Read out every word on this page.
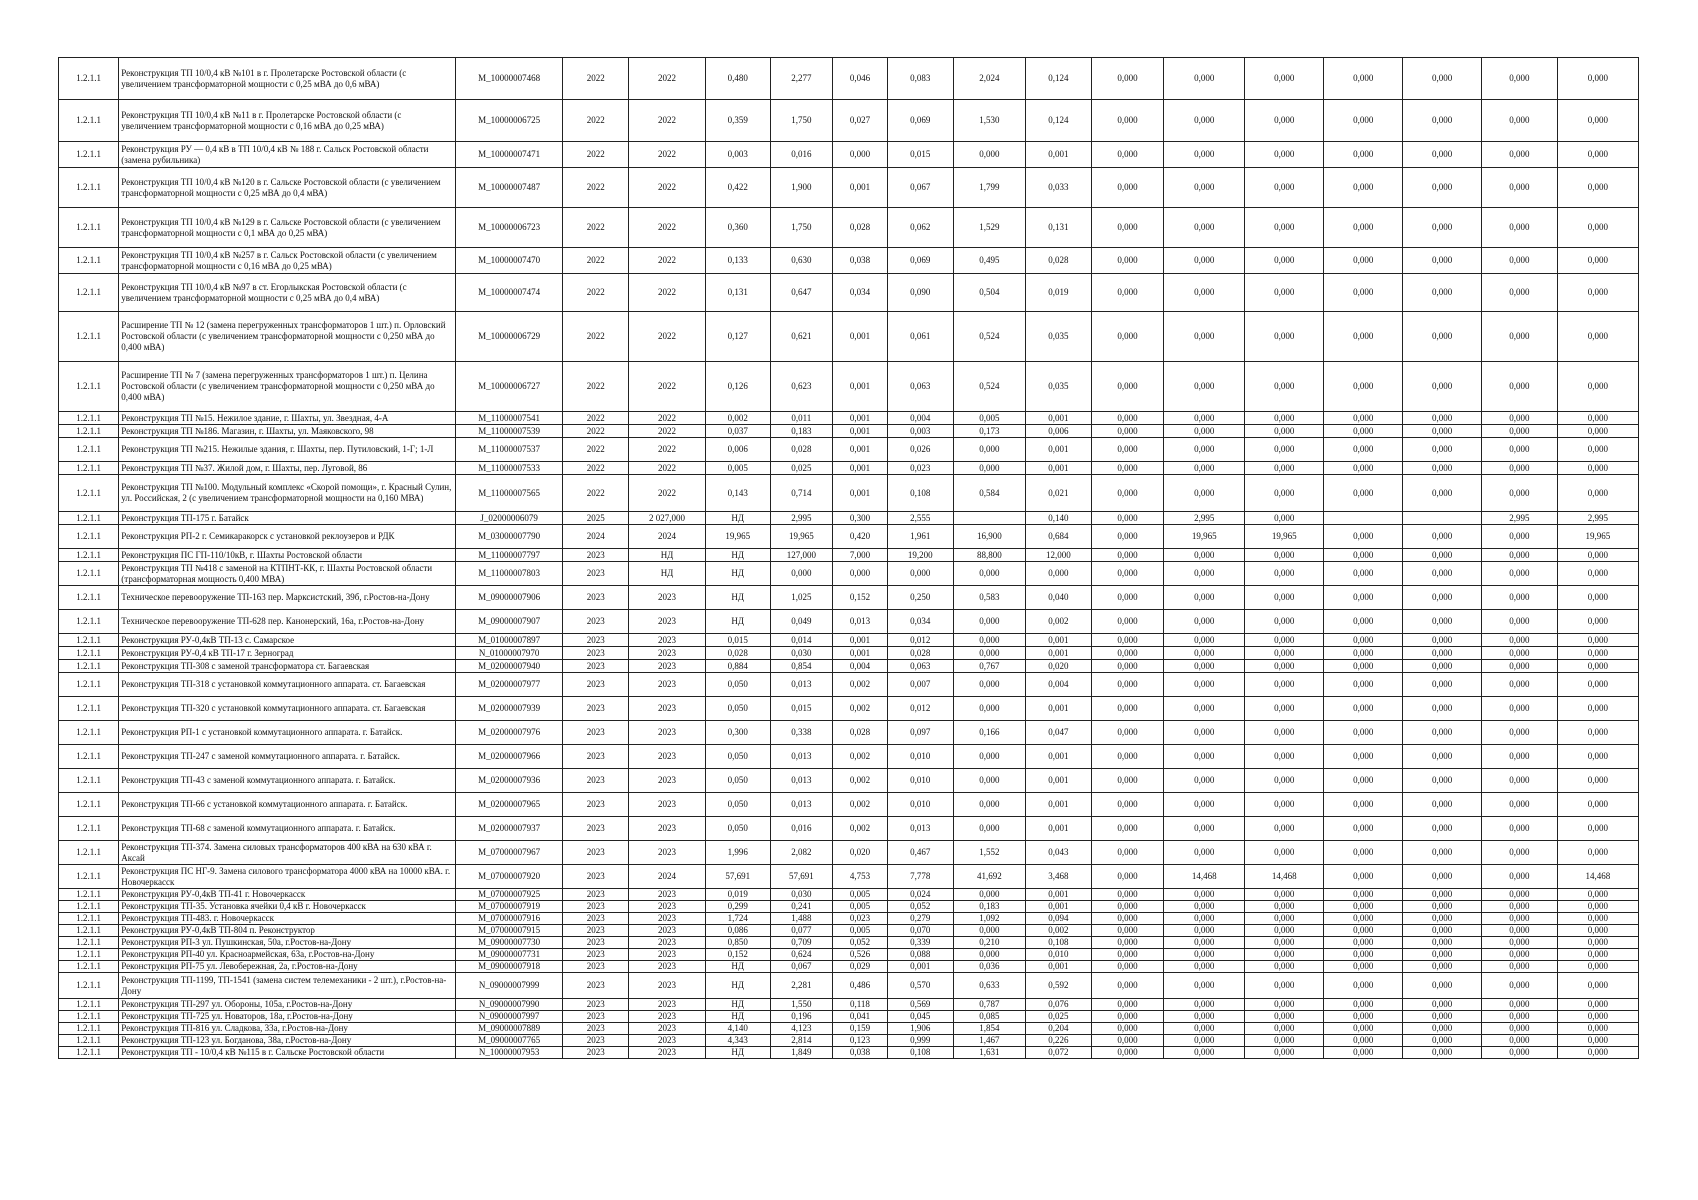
1.2.1.1	Реконструкция ТП 10/0,4 кВ №101 в г. Пролетарске Ростовской области (с увеличением трансформаторной мощности с 0,25 мВА до 0,6 мВА)	M_10000007468	2022	2022	0,480	2,277	0,046	0,083	2,024	0,124	0,000	0,000	0,000	0,000	0,000	0,000	0,000
1.2.1.1	Реконструкция ТП 10/0,4 кВ №11 в г. Пролетарске Ростовской области (с увеличением трансформаторной мощности с 0,16 мВА до 0,25 мВА)	M_10000006725	2022	2022	0,359	1,750	0,027	0,069	1,530	0,124	0,000	0,000	0,000	0,000	0,000	0,000	0,000
1.2.1.1	Реконструкция РУ — 0,4 кВ в ТП 10/0,4 кВ № 188 г. Сальск Ростовской области (замена рубильника)	M_10000007471	2022	2022	0,003	0,016	0,000	0,015	0,000	0,001	0,000	0,000	0,000	0,000	0,000	0,000	0,000
1.2.1.1	Реконструкция ТП 10/0,4 кВ №120 в г. Сальске Ростовской области (с увеличением трансформаторной мощности с 0,25 мВА до 0,4 мВА)	M_10000007487	2022	2022	0,422	1,900	0,001	0,067	1,799	0,033	0,000	0,000	0,000	0,000	0,000	0,000	0,000
1.2.1.1	Реконструкция ТП 10/0,4 кВ №129 в г. Сальске Ростовской области (с увеличением трансформаторной мощности с 0,1 мВА до 0,25 мВА)	M_10000006723	2022	2022	0,360	1,750	0,028	0,062	1,529	0,131	0,000	0,000	0,000	0,000	0,000	0,000	0,000
1.2.1.1	Реконструкция ТП 10/0,4 кВ №257 в г. Сальск Ростовской области (с увеличением трансформаторной мощности с 0,16 мВА до 0,25 мВА)	M_10000007470	2022	2022	0,133	0,630	0,038	0,069	0,495	0,028	0,000	0,000	0,000	0,000	0,000	0,000	0,000
1.2.1.1	Реконструкция ТП 10/0,4 кВ №97 в ст. Егорлыкская Ростовской области (с увеличением трансформаторной мощности с 0,25 мВА до 0,4 мВА)	M_10000007474	2022	2022	0,131	0,647	0,034	0,090	0,504	0,019	0,000	0,000	0,000	0,000	0,000	0,000	0,000
1.2.1.1	Расширение ТП № 12 (замена перегруженных трансформаторов 1 шт.) п. Орловский Ростовской области (с увеличением трансформаторной мощности с 0,250 мВА до 0,400 мВА)	M_10000006729	2022	2022	0,127	0,621	0,001	0,061	0,524	0,035	0,000	0,000	0,000	0,000	0,000	0,000	0,000
1.2.1.1	Расширение ТП № 7 (замена перегруженных трансформаторов 1 шт.) п. Целина Ростовской области (с увеличением трансформаторной мощности с 0,250 мВА до 0,400 мВА)	M_10000006727	2022	2022	0,126	0,623	0,001	0,063	0,524	0,035	0,000	0,000	0,000	0,000	0,000	0,000	0,000
1.2.1.1	Реконструкция ТП №15. Нежилое здание, г. Шахты, ул. Звездная, 4-А	M_11000007541	2022	2022	0,002	0,011	0,001	0,004	0,005	0,001	0,000	0,000	0,000	0,000	0,000	0,000	0,000
1.2.1.1	Реконструкция ТП №186. Магазин, г. Шахты, ул. Маяковского, 98	M_11000007539	2022	2022	0,037	0,183	0,001	0,003	0,173	0,006	0,000	0,000	0,000	0,000	0,000	0,000	0,000
1.2.1.1	Реконструкция ТП №215. Нежилые здания, г. Шахты, пер. Путиловский, 1-Г; 1-Л	M_11000007537	2022	2022	0,006	0,028	0,001	0,026	0,000	0,001	0,000	0,000	0,000	0,000	0,000	0,000	0,000
1.2.1.1	Реконструкция ТП №37. Жилой дом, г. Шахты, пер. Луговой, 86	M_11000007533	2022	2022	0,005	0,025	0,001	0,023	0,000	0,001	0,000	0,000	0,000	0,000	0,000	0,000	0,000
1.2.1.1	Реконструкция ТП №100. Модульный комплекс «Скорой помощи», г. Красный Сулин, ул. Российская, 2 (с увеличением трансформаторной мощности на 0,160 МВА)	M_11000007565	2022	2022	0,143	0,714	0,001	0,108	0,584	0,021	0,000	0,000	0,000	0,000	0,000	0,000	0,000
1.2.1.1	Реконструкция ТП-175 г. Батайск	J_02000006079	2025	2 027,000	НД	2,995	0,300	2,555		0,140	0,000	2,995	0,000			2,995	2,995
1.2.1.1	Реконструкция РП-2 г. Семикаракорск с установкой реклоузеров и РДК	M_03000007790	2024	2024	19,965	19,965	0,420	1,961	16,900	0,684	0,000	19,965	19,965	0,000	0,000	0,000	19,965
1.2.1.1	Реконструкция ПС ГП-110/10кВ, г. Шахты Ростовской области	M_11000007797	2023	НД	НД	127,000	7,000	19,200	88,800	12,000	0,000	0,000	0,000	0,000	0,000	0,000	0,000
1.2.1.1	Реконструкция ТП №418 с заменой на КТПНТ-КК, г. Шахты Ростовской области (трансформаторная мощность 0,400 МВА)	M_11000007803	2023	НД	НД	0,000	0,000	0,000	0,000	0,000	0,000	0,000	0,000	0,000	0,000	0,000	0,000
1.2.1.1	Техническое перевооружение ТП-163 пер. Марксистский, 39б, г.Ростов-на-Дону	M_09000007906	2023	2023	НД	1,025	0,152	0,250	0,583	0,040	0,000	0,000	0,000	0,000	0,000	0,000	0,000
1.2.1.1	Техническое перевооружение ТП-628 пер. Канонерский, 16а, г.Ростов-на-Дону	M_09000007907	2023	2023	НД	0,049	0,013	0,034	0,000	0,002	0,000	0,000	0,000	0,000	0,000	0,000	0,000
1.2.1.1	Реконструкция РУ-0,4кВ ТП-13 с. Самарское	M_01000007897	2023	2023	0,015	0,014	0,001	0,012	0,000	0,001	0,000	0,000	0,000	0,000	0,000	0,000	0,000
1.2.1.1	Реконструкция РУ-0,4 кВ ТП-17 г. Зерноград	N_01000007970	2023	2023	0,028	0,030	0,001	0,028	0,000	0,001	0,000	0,000	0,000	0,000	0,000	0,000	0,000
1.2.1.1	Реконструкция ТП-308 с заменой трансформатора ст. Багаевская	M_02000007940	2023	2023	0,884	0,854	0,004	0,063	0,767	0,020	0,000	0,000	0,000	0,000	0,000	0,000	0,000
1.2.1.1	Реконструкция ТП-318 с установкой коммутационного аппарата. ст. Багаевская	M_02000007977	2023	2023	0,050	0,013	0,002	0,007	0,000	0,004	0,000	0,000	0,000	0,000	0,000	0,000	0,000
1.2.1.1	Реконструкция ТП-320 с установкой коммутационного аппарата. ст. Багаевская	M_02000007939	2023	2023	0,050	0,015	0,002	0,012	0,000	0,001	0,000	0,000	0,000	0,000	0,000	0,000	0,000
1.2.1.1	Реконструкция РП-1 с установкой коммутационного аппарата. г. Батайск.	M_02000007976	2023	2023	0,300	0,338	0,028	0,097	0,166	0,047	0,000	0,000	0,000	0,000	0,000	0,000	0,000
1.2.1.1	Реконструкция ТП-247 с заменой коммутационного аппарата. г. Батайск.	M_02000007966	2023	2023	0,050	0,013	0,002	0,010	0,000	0,001	0,000	0,000	0,000	0,000	0,000	0,000	0,000
1.2.1.1	Реконструкция ТП-43 с заменой коммутационного аппарата. г. Батайск.	M_02000007936	2023	2023	0,050	0,013	0,002	0,010	0,000	0,001	0,000	0,000	0,000	0,000	0,000	0,000	0,000
1.2.1.1	Реконструкция ТП-66 с установкой коммутационного аппарата. г. Батайск.	M_02000007965	2023	2023	0,050	0,013	0,002	0,010	0,000	0,001	0,000	0,000	0,000	0,000	0,000	0,000	0,000
1.2.1.1	Реконструкция ТП-68 с заменой коммутационного аппарата. г. Батайск.	M_02000007937	2023	2023	0,050	0,016	0,002	0,013	0,000	0,001	0,000	0,000	0,000	0,000	0,000	0,000	0,000
1.2.1.1	Реконструкция ТП-374. Замена силовых трансформаторов 400 кВА на 630 кВА г. Аксай	M_07000007967	2023	2023	1,996	2,082	0,020	0,467	1,552	0,043	0,000	0,000	0,000	0,000	0,000	0,000	0,000
1.2.1.1	Реконструкция ПС НГ-9. Замена силового трансформатора 4000 кВА на 10000 кВА. г. Новочеркасск	M_07000007920	2023	2024	57,691	57,691	4,753	7,778	41,692	3,468	0,000	14,468	14,468	0,000	0,000	0,000	14,468
1.2.1.1	Реконструкция РУ-0,4кВ ТП-41 г. Новочеркасск	M_07000007925	2023	2023	0,019	0,030	0,005	0,024	0,000	0,001	0,000	0,000	0,000	0,000	0,000	0,000	0,000
1.2.1.1	Реконструкция ТП-35. Установка ячейки 0,4 кВ г. Новочеркасск	M_07000007919	2023	2023	0,299	0,241	0,005	0,052	0,183	0,001	0,000	0,000	0,000	0,000	0,000	0,000	0,000
1.2.1.1	Реконструкция ТП-483. г. Новочеркасск	M_07000007916	2023	2023	1,724	1,488	0,023	0,279	1,092	0,094	0,000	0,000	0,000	0,000	0,000	0,000	0,000
1.2.1.1	Реконструкция РУ-0,4кВ ТП-804 п. Реконструктор	M_07000007915	2023	2023	0,086	0,077	0,005	0,070	0,000	0,002	0,000	0,000	0,000	0,000	0,000	0,000	0,000
1.2.1.1	Реконструкция РП-3 ул. Пушкинская, 50а, г.Ростов-на-Дону	M_09000007730	2023	2023	0,850	0,709	0,052	0,339	0,210	0,108	0,000	0,000	0,000	0,000	0,000	0,000	0,000
1.2.1.1	Реконструкция РП-40 ул. Красноармейская, 63а, г.Ростов-на-Дону	M_09000007731	2023	2023	0,152	0,624	0,526	0,088	0,000	0,010	0,000	0,000	0,000	0,000	0,000	0,000	0,000
1.2.1.1	Реконструкция РП-75 ул. Левобережная, 2а, г.Ростов-на-Дону	M_09000007918	2023	2023	НД	0,067	0,029	0,001	0,036	0,001	0,000	0,000	0,000	0,000	0,000	0,000	0,000
1.2.1.1	Реконструкция ТП-1199, ТП-1541 (замена систем телемеханики - 2 шт.), г.Ростов-на-Дону	N_09000007999	2023	2023	НД	2,281	0,486	0,570	0,633	0,592	0,000	0,000	0,000	0,000	0,000	0,000	0,000
1.2.1.1	Реконструкция ТП-297 ул. Обороны, 105а, г.Ростов-на-Дону	N_09000007990	2023	2023	НД	1,550	0,118	0,569	0,787	0,076	0,000	0,000	0,000	0,000	0,000	0,000	0,000
1.2.1.1	Реконструкция ТП-725 ул. Новаторов, 18а, г.Ростов-на-Дону	N_09000007997	2023	2023	НД	0,196	0,041	0,045	0,085	0,025	0,000	0,000	0,000	0,000	0,000	0,000	0,000
1.2.1.1	Реконструкция ТП-816 ул. Сладкова, 33а, г.Ростов-на-Дону	M_09000007889	2023	2023	4,140	4,123	0,159	1,906	1,854	0,204	0,000	0,000	0,000	0,000	0,000	0,000	0,000
1.2.1.1	Реконструкция ТП-123 ул. Богданова, 38а, г.Ростов-на-Дону	M_09000007765	2023	2023	4,343	2,814	0,123	0,999	1,467	0,226	0,000	0,000	0,000	0,000	0,000	0,000	0,000
1.2.1.1	Реконструкция ТП - 10/0,4 кВ №115 в г. Сальске Ростовской области	N_10000007953	2023	2023	НД	1,849	0,038	0,108	1,631	0,072	0,000	0,000	0,000	0,000	0,000	0,000	0,000
